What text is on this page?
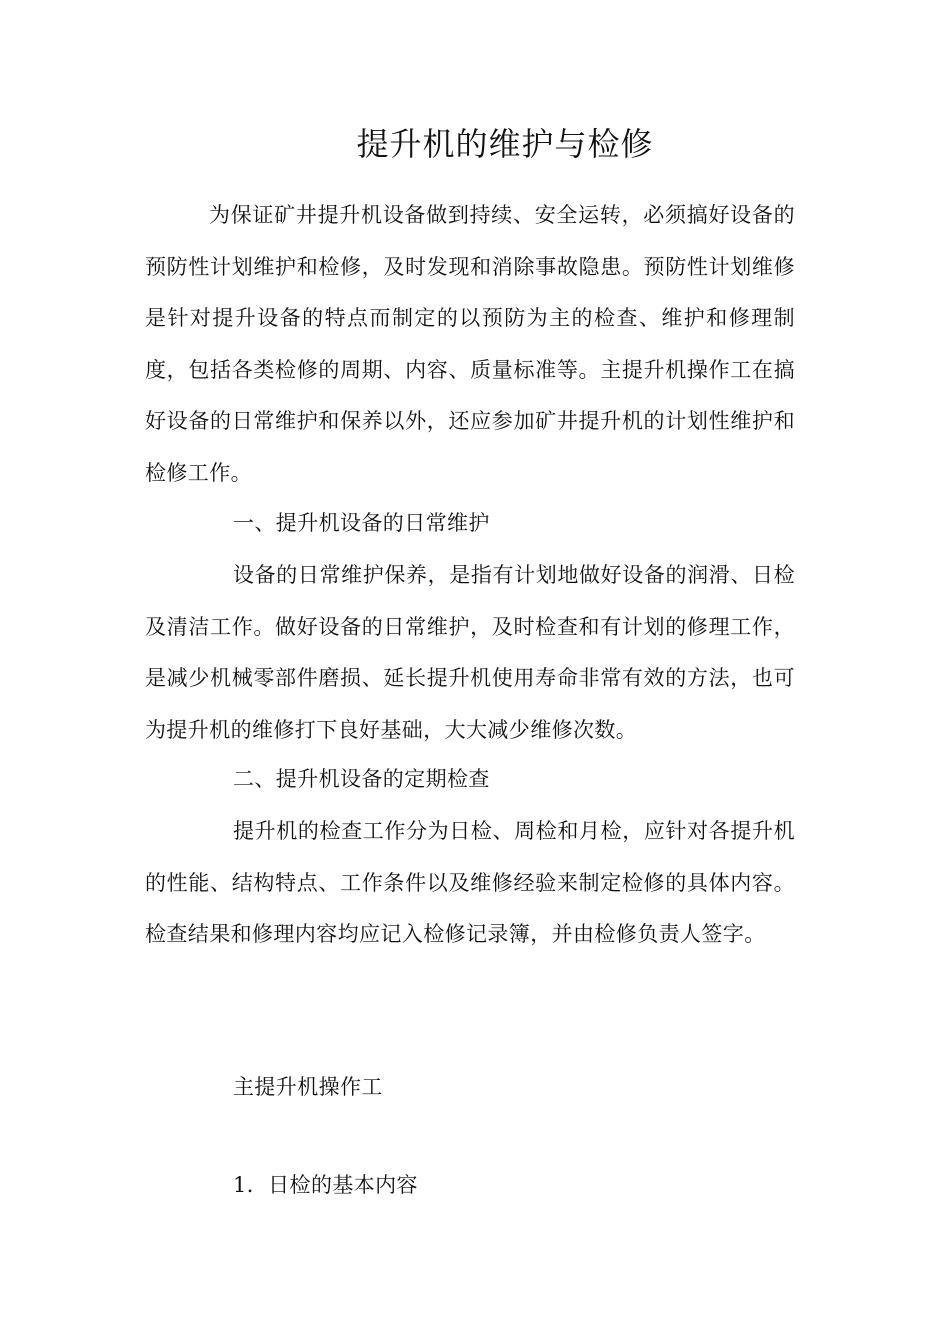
提升机的维护与检修

为保证矿井提升机设备做到持续、安全运转，必须搞好设备的预防性计划维护和检修，及时发现和消除事故隐患。预防性计划维修是针对提升设备的特点而制定的以预防为主的检查、维护和修理制度，包括各类检修的周期、内容、质量标准等。主提升机操作工在搞好设备的日常维护和保养以外，还应参加矿井提升机的计划性维护和检修工作。

一、提升机设备的日常维护

设备的日常维护保养，是指有计划地做好设备的润滑、日检及清洁工作。做好设备的日常维护，及时检查和有计划的修理工作，是减少机械零部件磨损、延长提升机使用寿命非常有效的方法，也可为提升机的维修打下良好基础，大大减少维修次数。

二、提升机设备的定期检查

提升机的检查工作分为日检、周检和月检，应针对各提升机的性能、结构特点、工作条件以及维修经验来制定检修的具体内容。检查结果和修理内容均应记入检修记录簿，并由检修负责人签字。

主提升机操作工

1．日检的基本内容
